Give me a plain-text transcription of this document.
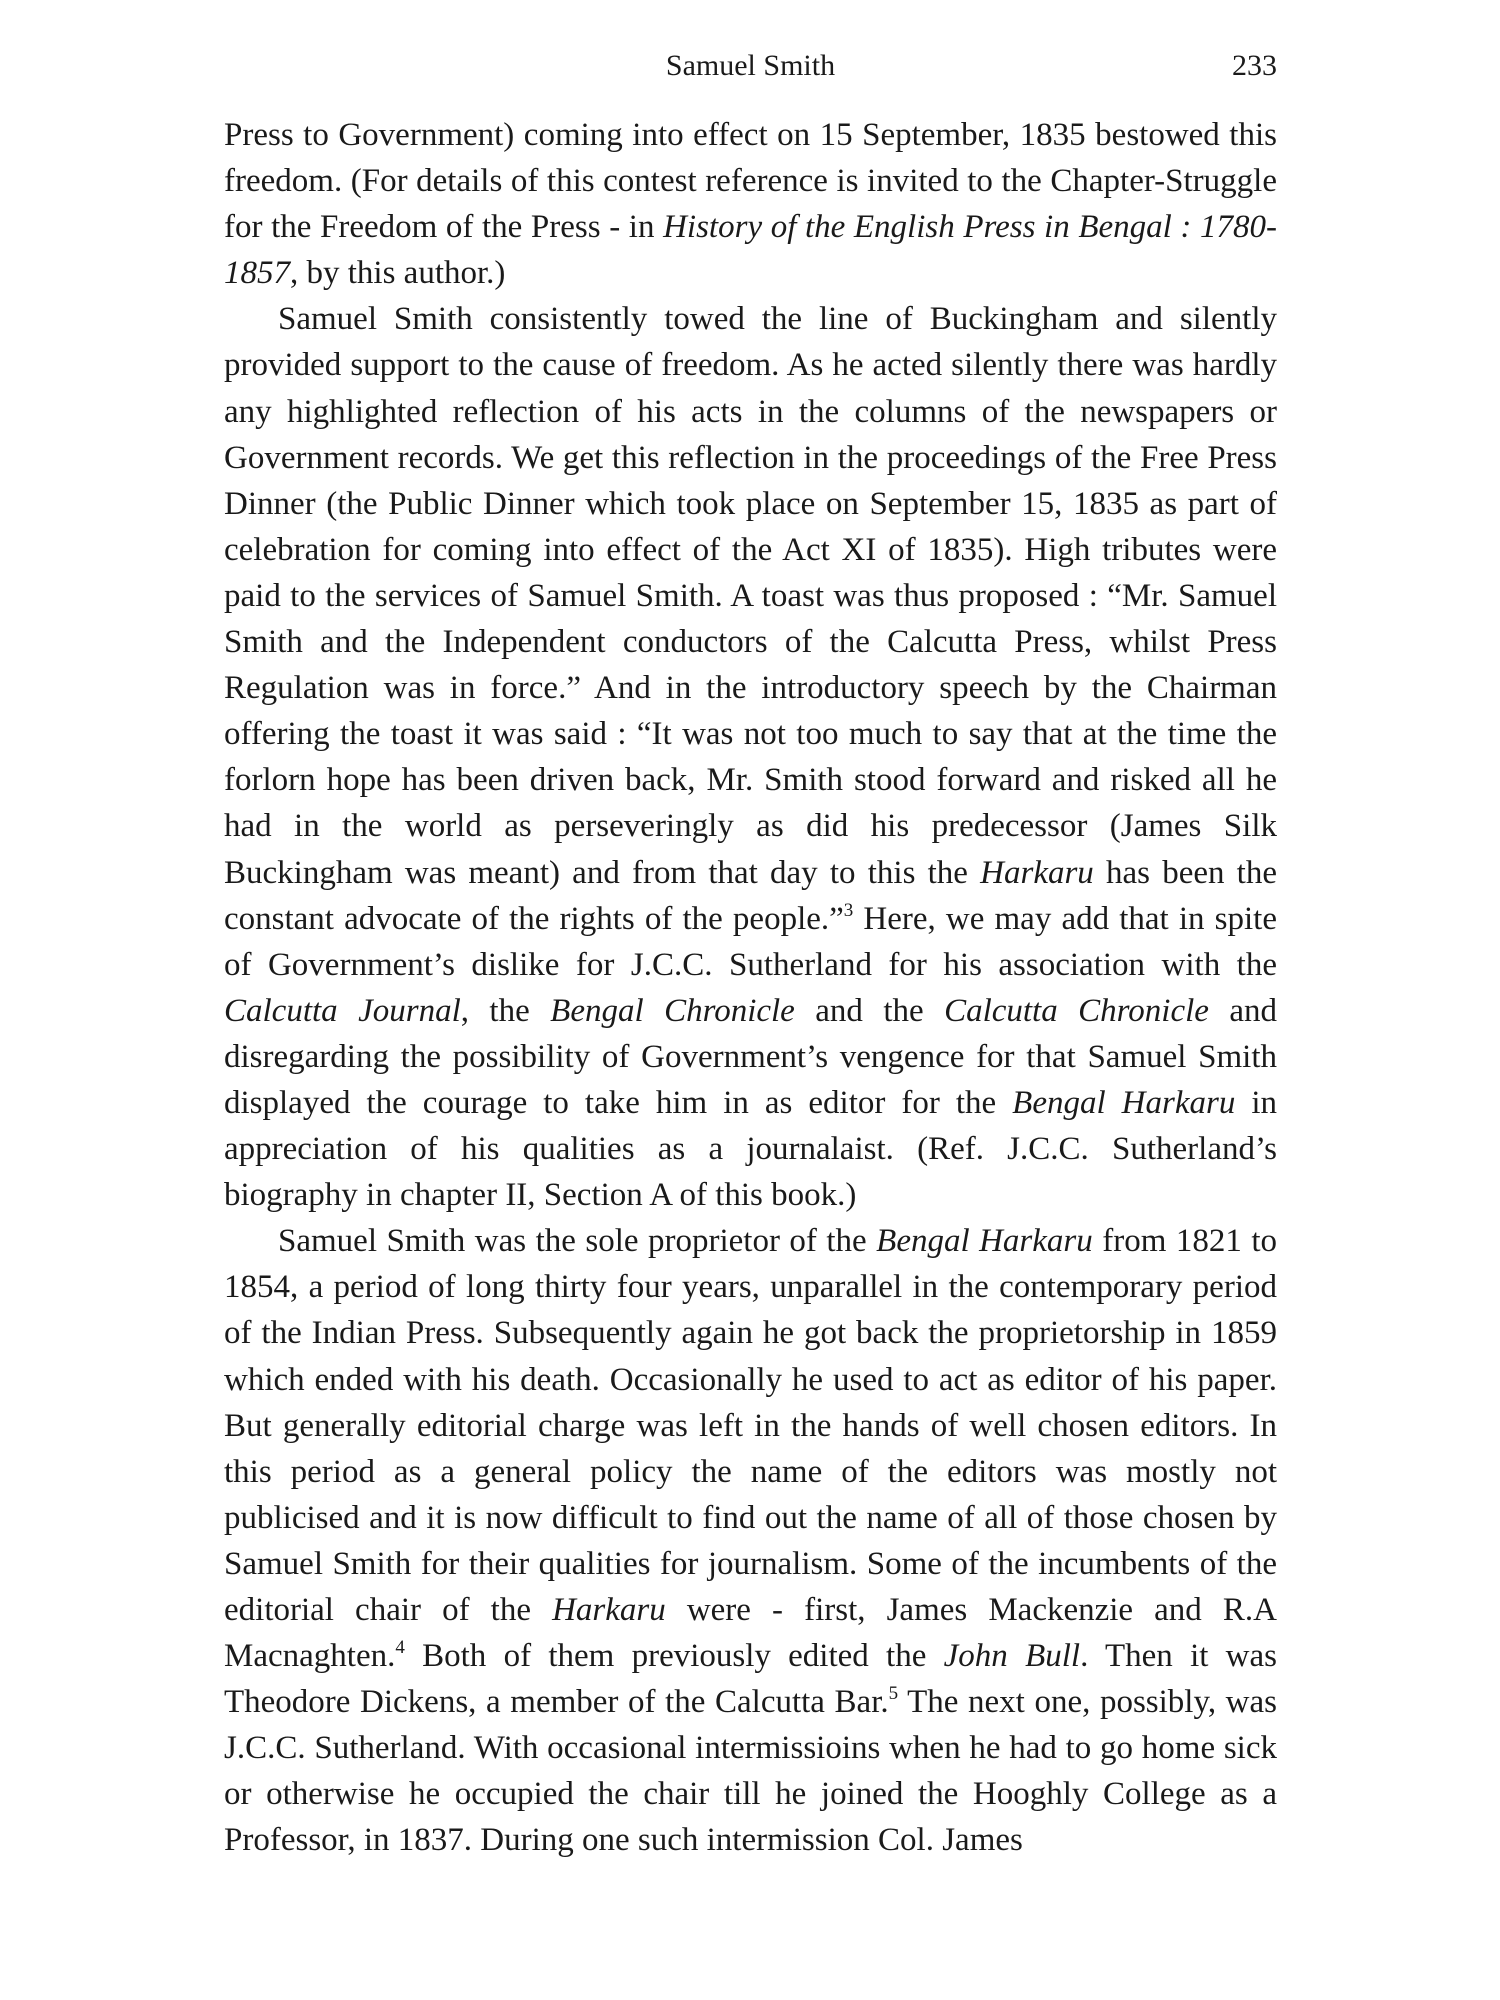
Samuel Smith	233

Press to Government) coming into effect on 15 September, 1835 bestowed this freedom. (For details of this contest reference is invited to the Chapter-Struggle for the Freedom of the Press - in History of the English Press in Bengal : 1780-1857, by this author.)

Samuel Smith consistently towed the line of Buckingham and silently provided support to the cause of freedom. As he acted silently there was hardly any highlighted reflection of his acts in the columns of the newspapers or Government records. We get this reflection in the proceedings of the Free Press Dinner (the Public Dinner which took place on September 15, 1835 as part of celebration for coming into effect of the Act XI of 1835). High tributes were paid to the services of Samuel Smith. A toast was thus proposed : “Mr. Samuel Smith and the Independent conductors of the Calcutta Press, whilst Press Regulation was in force.” And in the introductory speech by the Chairman offering the toast it was said : “It was not too much to say that at the time the forlorn hope has been driven back, Mr. Smith stood forward and risked all he had in the world as perseveringly as did his predecessor (James Silk Buckingham was meant) and from that day to this the Harkaru has been the constant advocate of the rights of the people.”$^3$ Here, we may add that in spite of Government’s dislike for J.C.C. Sutherland for his association with the Calcutta Journal, the Bengal Chronicle and the Calcutta Chronicle and disregarding the possibility of Government’s vengence for that Samuel Smith displayed the courage to take him in as editor for the Bengal Harkaru in appreciation of his qualities as a journalaist. (Ref. J.C.C. Sutherland’s biography in chapter II, Section A of this book.)

Samuel Smith was the sole proprietor of the Bengal Harkaru from 1821 to 1854, a period of long thirty four years, unparallel in the contemporary period of the Indian Press. Subsequently again he got back the proprietorship in 1859 which ended with his death. Occasionally he used to act as editor of his paper. But generally editorial charge was left in the hands of well chosen editors. In this period as a general policy the name of the editors was mostly not publicised and it is now difficult to find out the name of all of those chosen by Samuel Smith for their qualities for journalism. Some of the incumbents of the editorial chair of the Harkaru were - first, James Mackenzie and R.A Macnaghten.$^4$ Both of them previously edited the John Bull. Then it was Theodore Dickens, a member of the Calcutta Bar.$^5$ The next one, possibly, was J.C.C. Sutherland. With occasional intermissioins when he had to go home sick or otherwise he occupied the chair till he joined the Hooghly College as a Professor, in 1837. During one such intermission Col. James
